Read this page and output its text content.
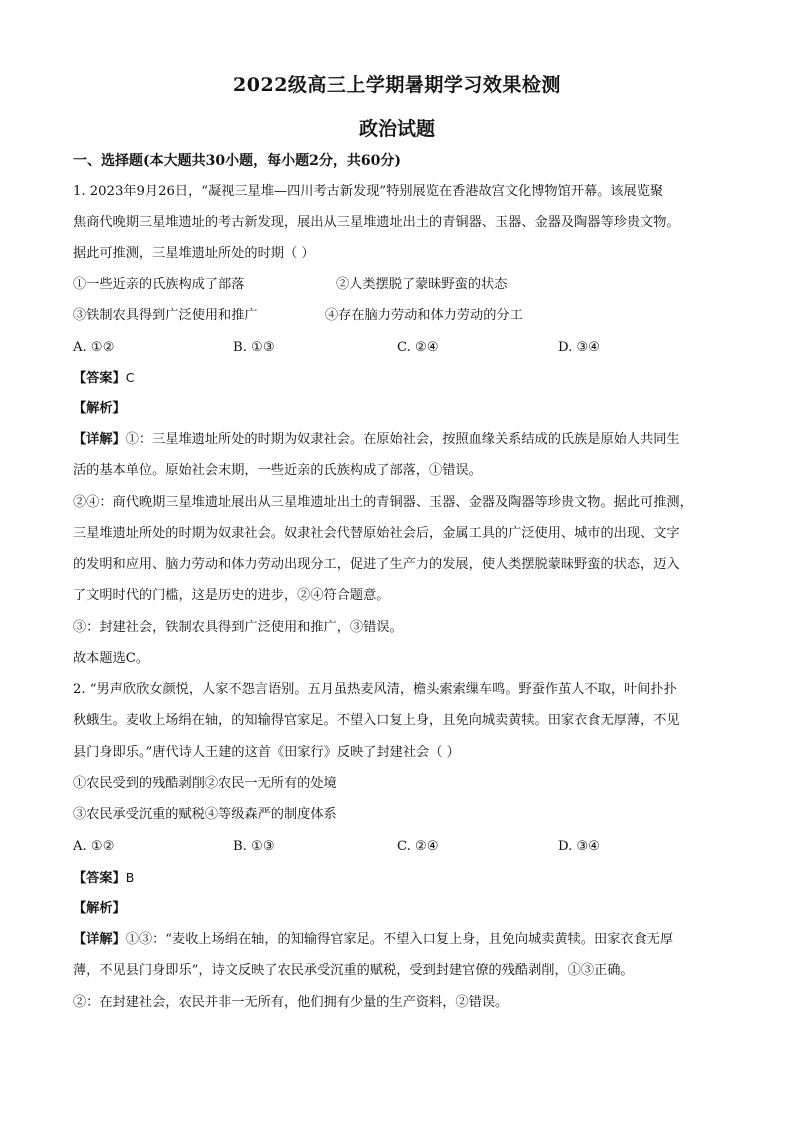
2022级高三上学期暑期学习效果检测
政治试题
一、选择题(本大题共30小题，每小题2分，共60分)
1. 2023年9月26日，“凝视三星堆—四川考古新发现”特别展览在香港故宫文化博物馆开幕。该展览聚
焦商代晚期三星堆遗址的考古新发现，展出从三星堆遗址出土的青铜器、玉器、金器及陶器等珍贵文物。
据此可推测，三星堆遗址所处的时期（ ）
①一些近亲的氏族构成了部落	②人类摆脱了蒙昧野蛮的状态
③铁制农具得到广泛使用和推广	④存在脑力劳动和体力劳动的分工
A. ①②	B. ①③	C. ②④	D. ③④
【答案】C
【解析】
【详解】①：三星堆遗址所处的时期为奴隶社会。在原始社会，按照血缘关系结成的氏族是原始人共同生
活的基本单位。原始社会末期，一些近亲的氏族构成了部落，①错误。
②④：商代晚期三星堆遗址展出从三星堆遗址出土的青铜器、玉器、金器及陶器等珍贵文物。据此可推测，
三星堆遗址所处的时期为奴隶社会。奴隶社会代替原始社会后，金属工具的广泛使用、城市的出现、文字
的发明和应用、脑力劳动和体力劳动出现分工，促进了生产力的发展，使人类摆脱蒙昧野蛮的状态，迈入
了文明时代的门槛，这是历史的进步，②④符合题意。
③：封建社会，铁制农具得到广泛使用和推广，③错误。
故本题选C。
2. “男声欣欣女颜悦，人家不怨言语别。五月虽热麦风清，檐头索索缫车鸣。野蚕作茧人不取，叶间扑扑
秋蛾生。麦收上场绢在轴，的知输得官家足。不望入口复上身，且免向城卖黄犊。田家衣食无厚薄，不见
县门身即乐。”唐代诗人王建的这首《田家行》反映了封建社会（ ）
①农民受到的残酷剥削②农民一无所有的处境
③农民承受沉重的赋税④等级森严的制度体系
A. ①②	B. ①③	C. ②④	D. ③④
【答案】B
【解析】
【详解】①③：“麦收上场绢在轴，的知输得官家足。不望入口复上身，且免向城卖黄犊。田家衣食无厚
薄，不见县门身即乐”，诗文反映了农民承受沉重的赋税，受到封建官僚的残酷剥削，①③正确。
②：在封建社会，农民并非一无所有，他们拥有少量的生产资料，②错误。
